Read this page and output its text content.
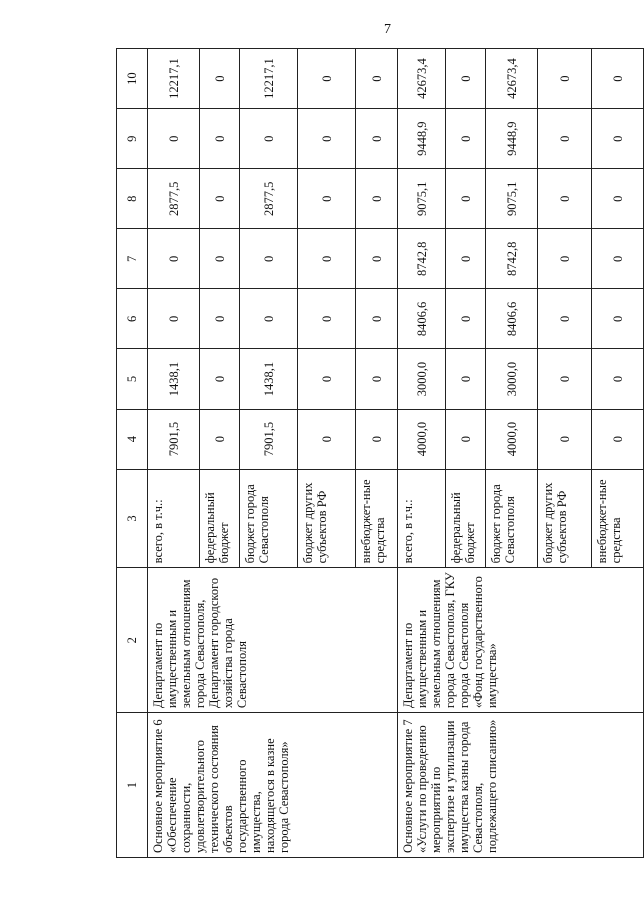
7
1	2	3	4	5	6	7	8	9	10
Основное мероприятие 6 «Обеспечение сохранности, удовлетворительного технического состояния объектов государственного имущества, находящегося в казне города Севастополя»	Департамент по имущественным и земельным отношениям города Севастополя, Департамент городского хозяйства города Севастополя	всего, в т.ч.:	7901,5	1438,1	0	0	2877,5	0	12217,1
		федеральный бюджет	0	0	0	0	0	0	0
		бюджет города Севастополя	7901,5	1438,1	0	0	2877,5	0	12217,1
		бюджет других субъектов РФ	0	0	0	0	0	0	0
		внебюджет-ные средства	0	0	0	0	0	0	0
Основное мероприятие 7 «Услуги по проведению мероприятий по экспертизе и утилизации имущества казны города Севастополя, подлежащего списанию»	Департамент по имущественным и земельным отношениям города Севастополя, ГКУ города Севастополя «Фонд государственного имущества»	всего, в т.ч.:	4000,0	3000,0	8406,6	8742,8	9075,1	9448,9	42673,4
		федеральный бюджет	0	0	0	0	0	0	0
		бюджет города Севастополя	4000,0	3000,0	8406,6	8742,8	9075,1	9448,9	42673,4
		бюджет других субъектов РФ	0	0	0	0	0	0	0
		внебюджет-ные средства	0	0	0	0	0	0	0
